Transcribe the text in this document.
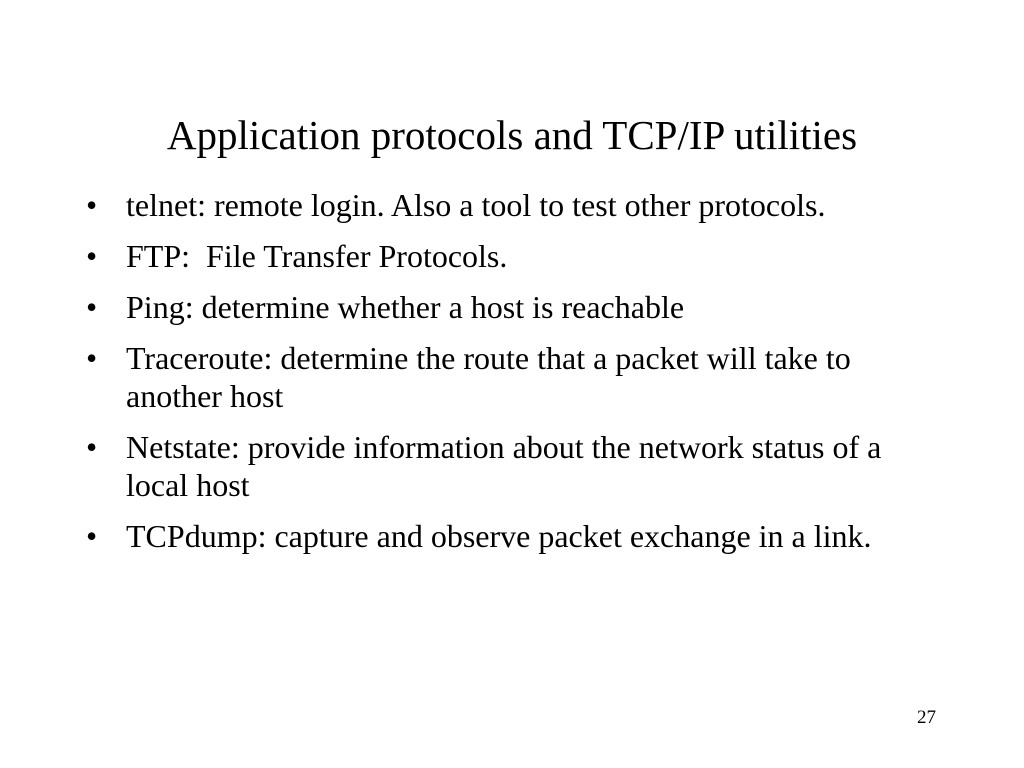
Application protocols and TCP/IP utilities
• telnet: remote login. Also a tool to test other protocols.
• FTP:  File Transfer Protocols.
• Ping: determine whether a host is reachable
• Traceroute: determine the route that a packet will take to another host
• Netstate: provide information about the network status of a local host
• TCPdump: capture and observe packet exchange in a link.
27
